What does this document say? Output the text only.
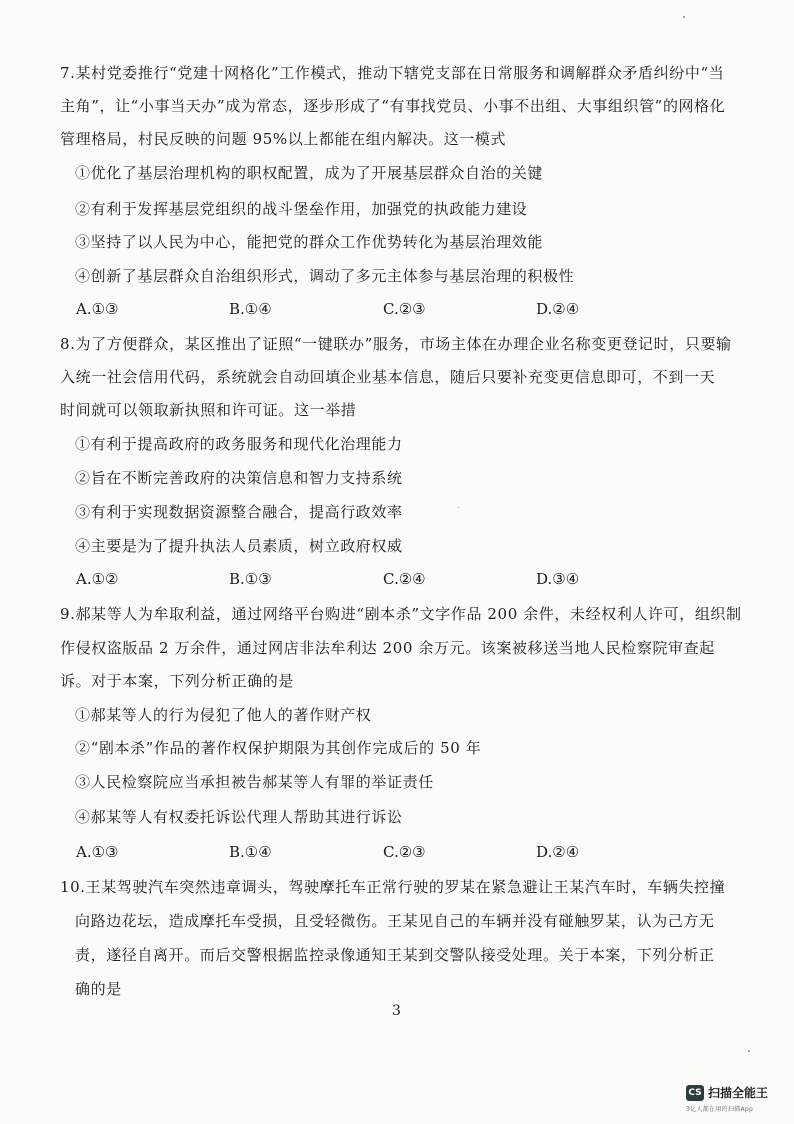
7.某村党委推行“党建十网格化”工作模式，推动下辖党支部在日常服务和调解群众矛盾纠纷中“当
主角”，让“小事当天办”成为常态，逐步形成了“有事找党员、小事不出组、大事组织管”的网格化
管理格局，村民反映的问题 95%以上都能在组内解决。这一模式
①优化了基层治理机构的职权配置，成为了开展基层群众自治的关键
②有利于发挥基层党组织的战斗堡垒作用，加强党的执政能力建设
③坚持了以人民为中心，能把党的群众工作优势转化为基层治理效能
④创新了基层群众自治组织形式，调动了多元主体参与基层治理的积极性
A.①③	B.①④	C.②③	D.②④
8.为了方便群众，某区推出了证照“一键联办”服务，市场主体在办理企业名称变更登记时，只要输
入统一社会信用代码，系统就会自动回填企业基本信息，随后只要补充变更信息即可，不到一天
时间就可以领取新执照和许可证。这一举措
①有利于提高政府的政务服务和现代化治理能力
②旨在不断完善政府的决策信息和智力支持系统
③有利于实现数据资源整合融合，提高行政效率
④主要是为了提升执法人员素质，树立政府权威
A.①②	B.①③	C.②④	D.③④
9.郝某等人为牟取利益，通过网络平台购进“剧本杀”文字作品 200 余件，未经权利人许可，组织制
作侵权盗版品 2 万余件，通过网店非法牟利达 200 余万元。该案被移送当地人民检察院审查起
诉。对于本案，下列分析正确的是
①郝某等人的行为侵犯了他人的著作财产权
②“剧本杀”作品的著作权保护期限为其创作完成后的 50 年
③人民检察院应当承担被告郝某等人有罪的举证责任
④郝某等人有权委托诉讼代理人帮助其进行诉讼
A.①③	B.①④	C.②③	D.②④
10.王某驾驶汽车突然违章调头，驾驶摩托车正常行驶的罗某在紧急避让王某汽车时，车辆失控撞
向路边花坛，造成摩托车受损，且受轻微伤。王某见自己的车辆并没有碰触罗某，认为己方无
责，遂径自离开。而后交警根据监控录像通知王某到交警队接受处理。关于本案，下列分析正
确的是
3
CS 扫描全能王
3亿人都在用的扫描App
